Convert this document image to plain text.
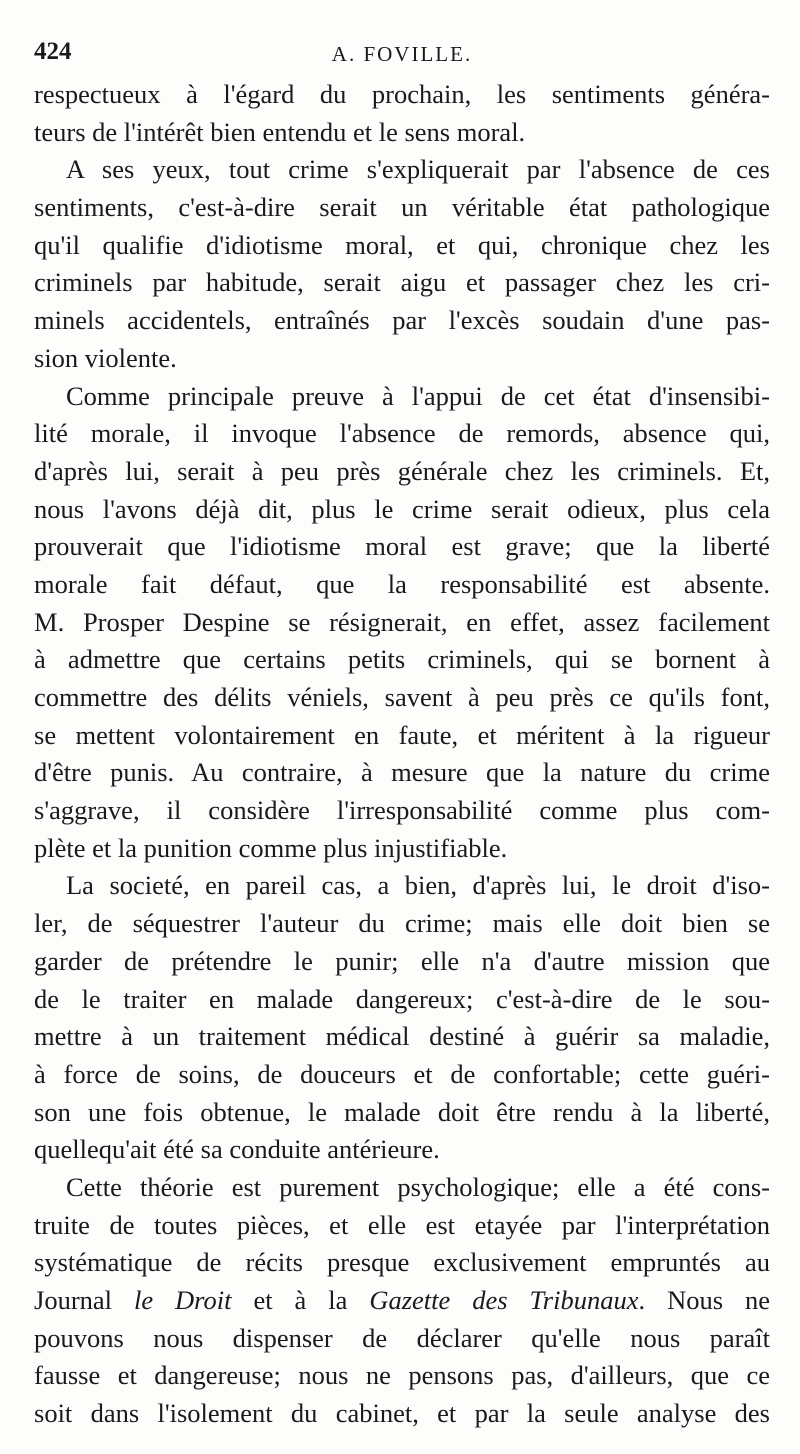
424	A. FOVILLE.
respectueux à l'égard du prochain, les sentiments généra-
teurs de l'intérêt bien entendu et le sens moral.
A ses yeux, tout crime s'expliquerait par l'absence de ces
sentiments, c'est-à-dire serait un véritable état pathologique
qu'il qualifie d'idiotisme moral, et qui, chronique chez les
criminels par habitude, serait aigu et passager chez les cri-
minels accidentels, entraînés par l'excès soudain d'une pas-
sion violente.
Comme principale preuve à l'appui de cet état d'insensibi-
lité morale, il invoque l'absence de remords, absence qui,
d'après lui, serait à peu près générale chez les criminels. Et,
nous l'avons déjà dit, plus le crime serait odieux, plus cela
prouverait que l'idiotisme moral est grave; que la liberté
morale fait défaut, que la responsabilité est absente.
M. Prosper Despine se résignerait, en effet, assez facilement
à admettre que certains petits criminels, qui se bornent à
commettre des délits véniels, savent à peu près ce qu'ils font,
se mettent volontairement en faute, et méritent à la rigueur
d'être punis. Au contraire, à mesure que la nature du crime
s'aggrave, il considère l'irresponsabilité comme plus com-
plète et la punition comme plus injustifiable.
La societé, en pareil cas, a bien, d'après lui, le droit d'iso-
ler, de séquestrer l'auteur du crime; mais elle doit bien se
garder de prétendre le punir; elle n'a d'autre mission que
de le traiter en malade dangereux; c'est-à-dire de le sou-
mettre à un traitement médical destiné à guérir sa maladie,
à force de soins, de douceurs et de confortable; cette guéri-
son une fois obtenue, le malade doit être rendu à la liberté,
quellequ'ait été sa conduite antérieure.
Cette théorie est purement psychologique; elle a été cons-
truite de toutes pièces, et elle est etayée par l'interprétation
systématique de récits presque exclusivement empruntés au
Journal le Droit et à la Gazette des Tribunaux. Nous ne
pouvons nous dispenser de déclarer qu'elle nous paraît
fausse et dangereuse; nous ne pensons pas, d'ailleurs, que ce
soit dans l'isolement du cabinet, et par la seule analyse des
